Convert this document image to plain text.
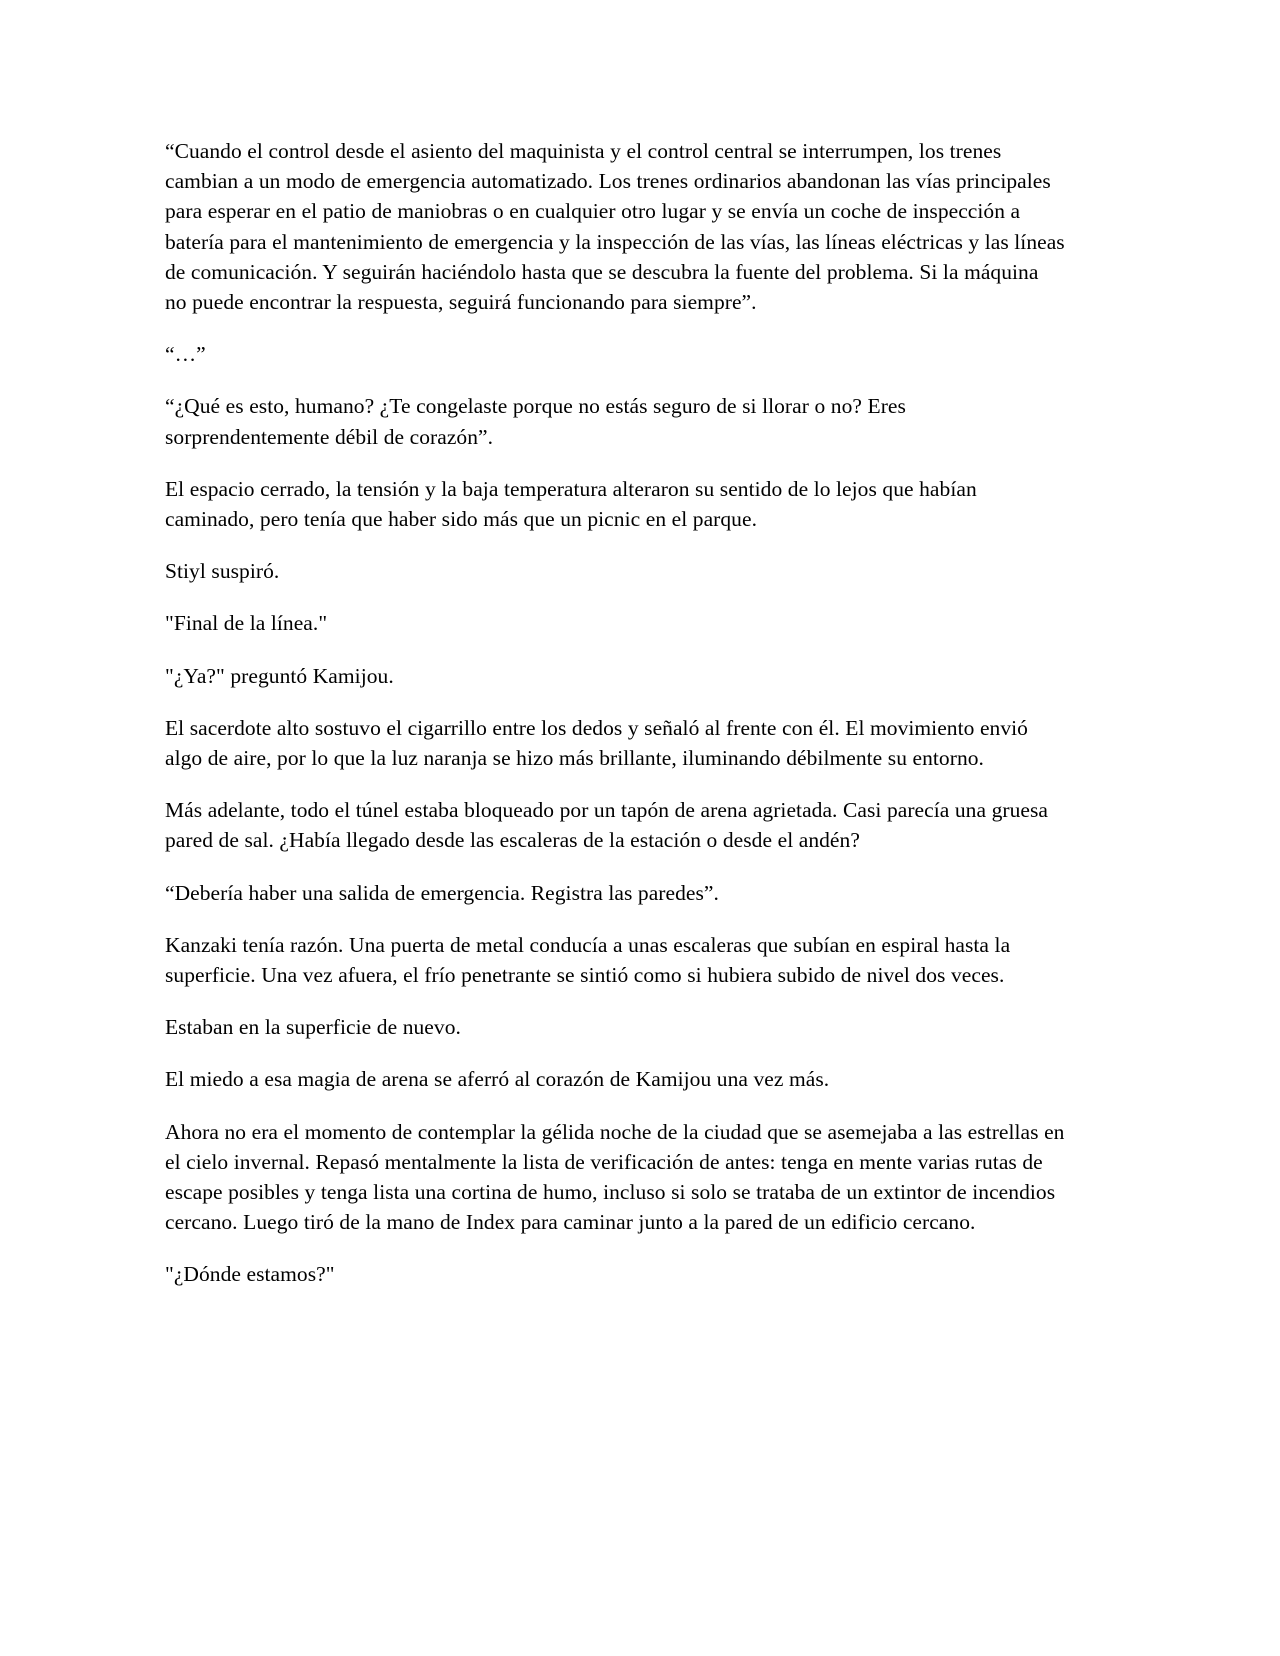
“Cuando el control desde el asiento del maquinista y el control central se interrumpen, los trenes cambian a un modo de emergencia automatizado. Los trenes ordinarios abandonan las vías principales para esperar en el patio de maniobras o en cualquier otro lugar y se envía un coche de inspección a batería para el mantenimiento de emergencia y la inspección de las vías, las líneas eléctricas y las líneas de comunicación. Y seguirán haciéndolo hasta que se descubra la fuente del problema. Si la máquina no puede encontrar la respuesta, seguirá funcionando para siempre”.

“…”

“¿Qué es esto, humano? ¿Te congelaste porque no estás seguro de si llorar o no? Eres sorprendentemente débil de corazón”.

El espacio cerrado, la tensión y la baja temperatura alteraron su sentido de lo lejos que habían caminado, pero tenía que haber sido más que un picnic en el parque.

Stiyl suspiró.

"Final de la línea."

"¿Ya?" preguntó Kamijou.

El sacerdote alto sostuvo el cigarrillo entre los dedos y señaló al frente con él. El movimiento envió algo de aire, por lo que la luz naranja se hizo más brillante, iluminando débilmente su entorno.

Más adelante, todo el túnel estaba bloqueado por un tapón de arena agrietada. Casi parecía una gruesa pared de sal. ¿Había llegado desde las escaleras de la estación o desde el andén?

“Debería haber una salida de emergencia. Registra las paredes”.

Kanzaki tenía razón. Una puerta de metal conducía a unas escaleras que subían en espiral hasta la superficie. Una vez afuera, el frío penetrante se sintió como si hubiera subido de nivel dos veces.

Estaban en la superficie de nuevo.

El miedo a esa magia de arena se aferró al corazón de Kamijou una vez más.

Ahora no era el momento de contemplar la gélida noche de la ciudad que se asemejaba a las estrellas en el cielo invernal. Repasó mentalmente la lista de verificación de antes: tenga en mente varias rutas de escape posibles y tenga lista una cortina de humo, incluso si solo se trataba de un extintor de incendios cercano. Luego tiró de la mano de Index para caminar junto a la pared de un edificio cercano.

"¿Dónde estamos?"
